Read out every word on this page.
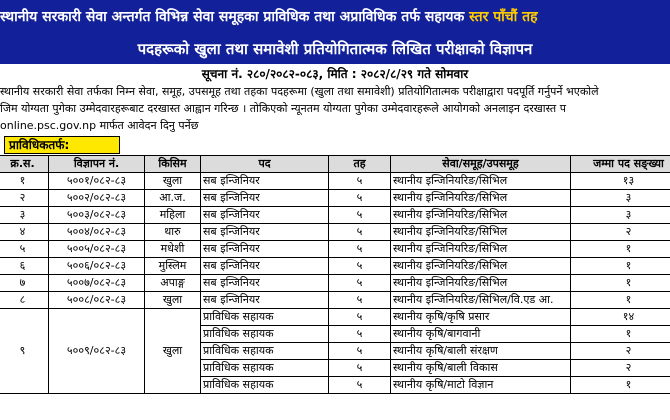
स्थानीय सरकारी सेवा अन्तर्गत विभिन्न सेवा समूहका प्राविधिक तथा अप्राविधिक तर्फ सहायक स्तर पाँचौं तह
पदहरूको खुला तथा समावेशी प्रतियोगितात्मक लिखित परीक्षाको विज्ञापन
सूचना नं. २८०/२०८२-०८३, मिति : २०८२/८/२९ गते सोमवार
स्थानीय सरकारी सेवा तर्फका निम्न सेवा, समूह, उपसमूह तथा तहका पदहरूमा (खुला तथा समावेशी) प्रतियोगितात्मक परीक्षाद्वारा पदपूर्ति गर्नुपर्ने भएकोले
जिम योग्यता पुगेका उम्मेदवारहरूबाट दरखास्त आह्वान गरिन्छ । तोकिएको न्यूनतम योग्यता पुगेका उम्मेदवारहरूले आयोगको अनलाइन दरखास्त प
online.psc.gov.np मार्फत आवेदन दिनु पर्नेछ
प्राविधिकतर्फ:
क्र.स.	विज्ञापन नं.	किसिम	पद	तह	सेवा/समूह/उपसमूह	जम्मा पद सङ्ख्या
१	५००१/०८२-८३	खुला	सब इन्जिनियर	५	स्थानीय इन्जिनियरिङ/सिभिल	१३
२	५००२/०८२-८३	आ.ज.	सब इन्जिनियर	५	स्थानीय इन्जिनियरिङ/सिभिल	३
३	५००३/०८२-८३	महिला	सब इन्जिनियर	५	स्थानीय इन्जिनियरिङ/सिभिल	३
४	५००४/०८२-८३	थारु	सब इन्जिनियर	५	स्थानीय इन्जिनियरिङ/सिभिल	२
५	५००५/०८२-८३	मधेशी	सब इन्जिनियर	५	स्थानीय इन्जिनियरिङ/सिभिल	१
६	५००६/०८२-८३	मुस्लिम	सब इन्जिनियर	५	स्थानीय इन्जिनियरिङ/सिभिल	१
७	५००७/०८२-८३	अपाङ्ग	सब इन्जिनियर	५	स्थानीय इन्जिनियरिङ/सिभिल	१
८	५००८/०८२-८३	खुला	सब इन्जिनियर	५	स्थानीय इन्जिनियरिङ/सिभिल/वि.एड आ.	१
९	५००९/०८२-८३	खुला	प्राविधिक सहायक	५	स्थानीय कृषि/कृषि प्रसार	१४
			प्राविधिक सहायक	५	स्थानीय कृषि/बागवानी	१
			प्राविधिक सहायक	५	स्थानीय कृषि/बाली संरक्षण	२
			प्राविधिक सहायक	५	स्थानीय कृषि/बाली विकास	२
			प्राविधिक सहायक	५	स्थानीय कृषि/माटो विज्ञान	१
